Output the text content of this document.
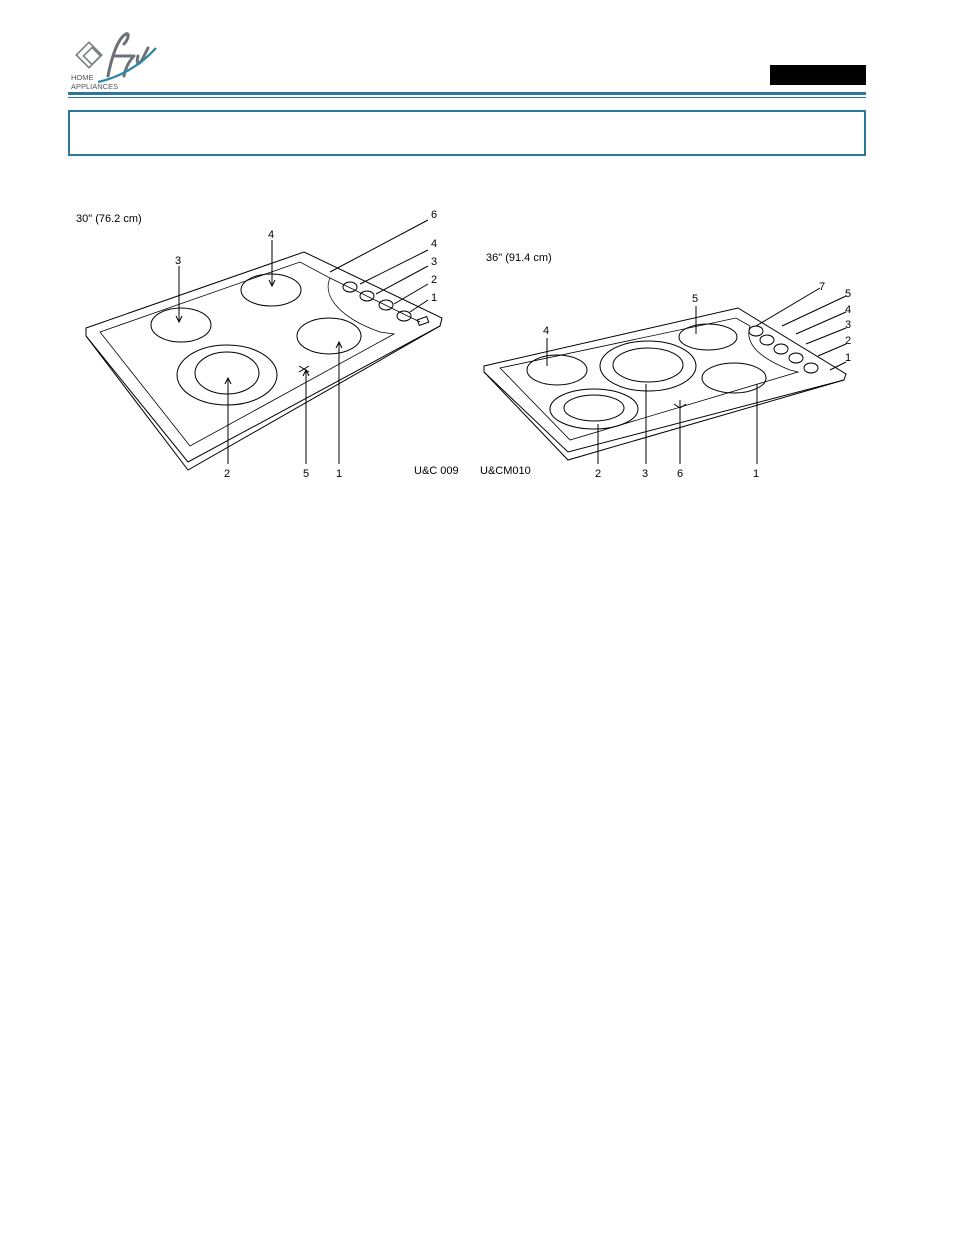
HOME
APPLIANCES
30" (76.2 cm)
3
4
2	5 1
6
4
3
2
1
U&C 009
36" (91.4 cm)
4
5
2	3	6	1
7
5
4
3
2
1
U&CM010
